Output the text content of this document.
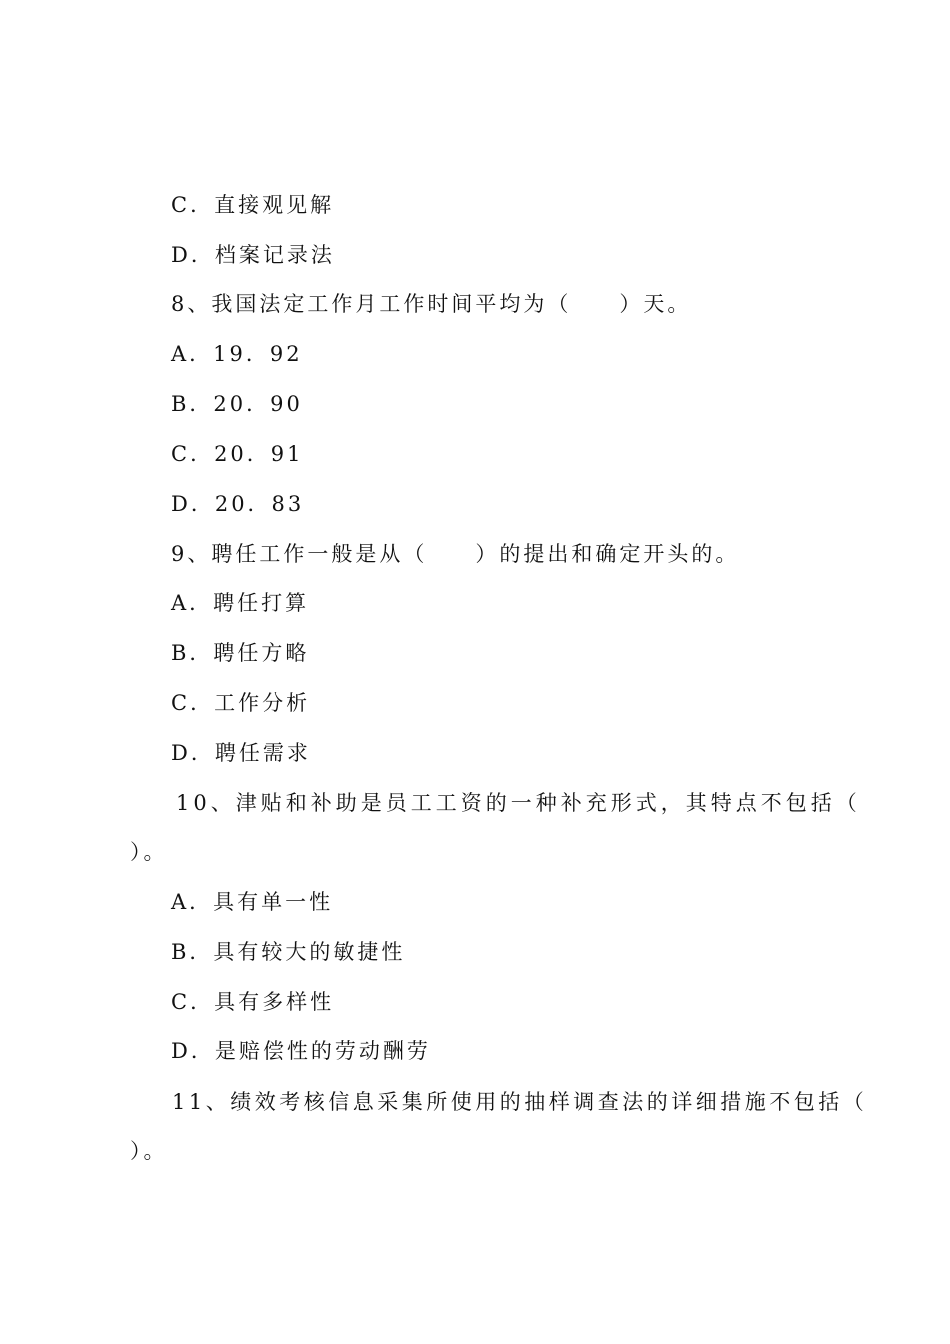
C．直接观见解
D．档案记录法
8、我国法定工作月工作时间平均为（　　）天。
A．19．92
B．20．90
C．20．91
D．20．83
9、聘任工作一般是从（　　）的提出和确定开头的。
A．聘任打算
B．聘任方略
C．工作分析
D．聘任需求
10、津贴和补助是员工工资的一种补充形式，其特点不包括（
）。
A．具有单一性
B．具有较大的敏捷性
C．具有多样性
D．是赔偿性的劳动酬劳
11、绩效考核信息采集所使用的抽样调查法的详细措施不包括（
）。
